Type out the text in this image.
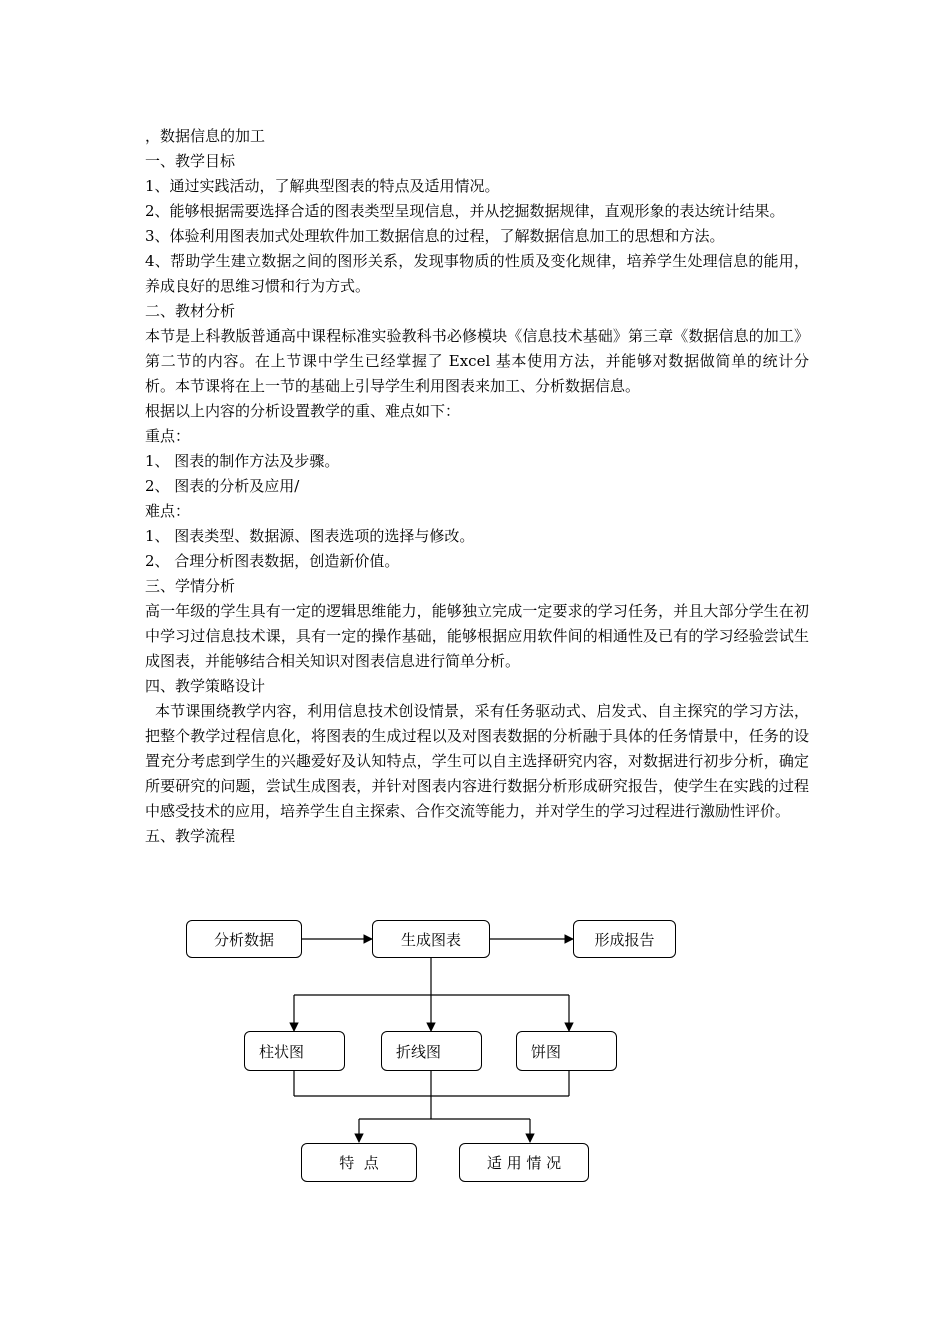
，数据信息的加工

一、教学目标

1、通过实践活动，了解典型图表的特点及适用情况。

2、能够根据需要选择合适的图表类型呈现信息，并从挖掘数据规律，直观形象的表达统计结果。

3、体验利用图表加式处理软件加工数据信息的过程，了解数据信息加工的思想和方法。

4、帮助学生建立数据之间的图形关系，发现事物质的性质及变化规律，培养学生处理信息的能用，养成良好的思维习惯和行为方式。

二、教材分析

本节是上科教版普通高中课程标准实验教科书必修模块《信息技术基础》第三章《数据信息的加工》第二节的内容。在上节课中学生已经掌握了 Excel 基本使用方法，并能够对数据做简单的统计分析。本节课将在上一节的基础上引导学生利用图表来加工、分析数据信息。

根据以上内容的分析设置教学的重、难点如下：

重点：

1、 图表的制作方法及步骤。

2、 图表的分析及应用/

难点：

1、 图表类型、数据源、图表选项的选择与修改。

2、 合理分析图表数据，创造新价值。

三、学情分析

高一年级的学生具有一定的逻辑思维能力，能够独立完成一定要求的学习任务，并且大部分学生在初中学习过信息技术课，具有一定的操作基础，能够根据应用软件间的相通性及已有的学习经验尝试生成图表，并能够结合相关知识对图表信息进行简单分析。

四、教学策略设计

本节课围绕教学内容，利用信息技术创设情景，采有任务驱动式、启发式、自主探究的学习方法，把整个教学过程信息化，将图表的生成过程以及对图表数据的分析融于具体的任务情景中，任务的设置充分考虑到学生的兴趣爱好及认知特点，学生可以自主选择研究内容，对数据进行初步分析，确定所要研究的问题，尝试生成图表，并针对图表内容进行数据分析形成研究报告，使学生在实践的过程中感受技术的应用，培养学生自主探索、合作交流等能力，并对学生的学习过程进行激励性评价。

五、教学流程

分析数据	生成图表	形成报告
柱状图	折线图	饼图
特  点	适 用 情 况
